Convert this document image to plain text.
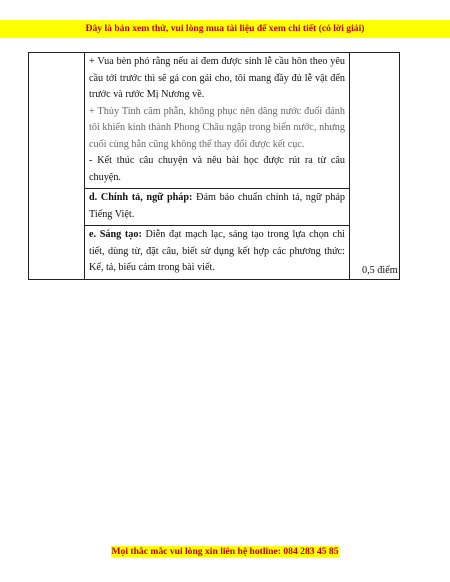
Đây là bản xem thử, vui lòng mua tài liệu để xem chi tiết (có lời giải)

+ Vua bèn phó rằng nếu ai đem được sính lễ cầu hôn theo yêu cầu tới trước thì sẽ gả con gái cho, tôi mang đầy đủ lễ vật đến trước và rước Mị Nương về.
+ Thủy Tinh căm phẫn, không phục nên dâng nước đuổi đánh tôi khiến kinh thành Phong Châu ngập trong biển nước, nhưng cuối cùng hắn cũng không thể thay đổi được kết cục.
- Kết thúc câu chuyện và nêu bài học được rút ra từ câu chuyện.

d. Chính tả, ngữ pháp: Đảm bảo chuẩn chính tả, ngữ pháp Tiếng Việt.
e. Sáng tạo: Diễn đạt mạch lạc, sáng tạo trong lựa chọn chi tiết, dùng từ, đặt câu, biết sử dụng kết hợp các phương thức: Kể, tả, biểu cảm trong bài viết.	0,5 điểm
Mọi thắc mắc vui lòng xin liên hệ hotline: 084 283 45 85
